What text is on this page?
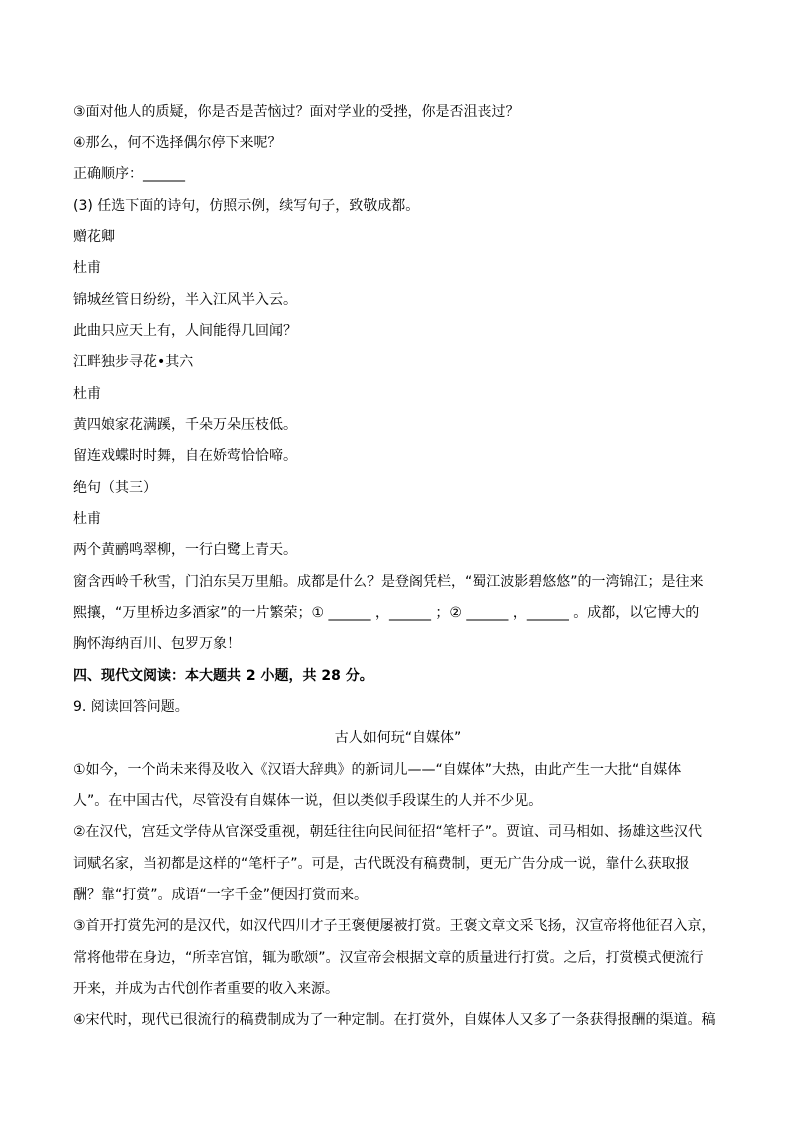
③面对他人的质疑，你是否是苦恼过？面对学业的受挫，你是否沮丧过？
④那么，何不选择偶尔停下来呢？
正确顺序：______
(3) 任选下面的诗句，仿照示例，续写句子，致敬成都。
赠花卿
杜甫
锦城丝管日纷纷，半入江风半入云。
此曲只应天上有，人间能得几回闻？
江畔独步寻花•其六
杜甫
黄四娘家花满蹊，千朵万朵压枝低。
留连戏蝶时时舞，自在娇莺恰恰啼。
绝句（其三）
杜甫
两个黄鹂鸣翠柳，一行白鹭上青天。
窗含西岭千秋雪，门泊东吴万里船。成都是什么？是登阁凭栏，“蜀江波影碧悠悠”的一湾锦江；是往来
熙攘，“万里桥边多酒家”的一片繁荣；① ______ ，______ ；② ______ ，______ 。成都，以它博大的
胸怀海纳百川、包罗万象！
四、现代文阅读：本大题共 2 小题，共 28 分。
9. 阅读回答问题。
古人如何玩“自媒体”
①如今，一个尚未来得及收入《汉语大辞典》的新词儿——“自媒体”大热，由此产生一大批“自媒体
人”。在中国古代，尽管没有自媒体一说，但以类似手段谋生的人并不少见。
②在汉代，宫廷文学侍从官深受重视，朝廷往往向民间征招“笔杆子”。贾谊、司马相如、扬雄这些汉代
词赋名家，当初都是这样的“笔杆子”。可是，古代既没有稿费制，更无广告分成一说，靠什么获取报
酬？靠“打赏”。成语“一字千金”便因打赏而来。
③首开打赏先河的是汉代，如汉代四川才子王褒便屡被打赏。王褒文章文采飞扬，汉宣帝将他征召入京，
常将他带在身边，“所幸宫馆，辄为歌颂”。汉宣帝会根据文章的质量进行打赏。之后，打赏模式便流行
开来，并成为古代创作者重要的收入来源。
④宋代时，现代已很流行的稿费制成为了一种定制。在打赏外，自媒体人又多了一条获得报酬的渠道。稿
